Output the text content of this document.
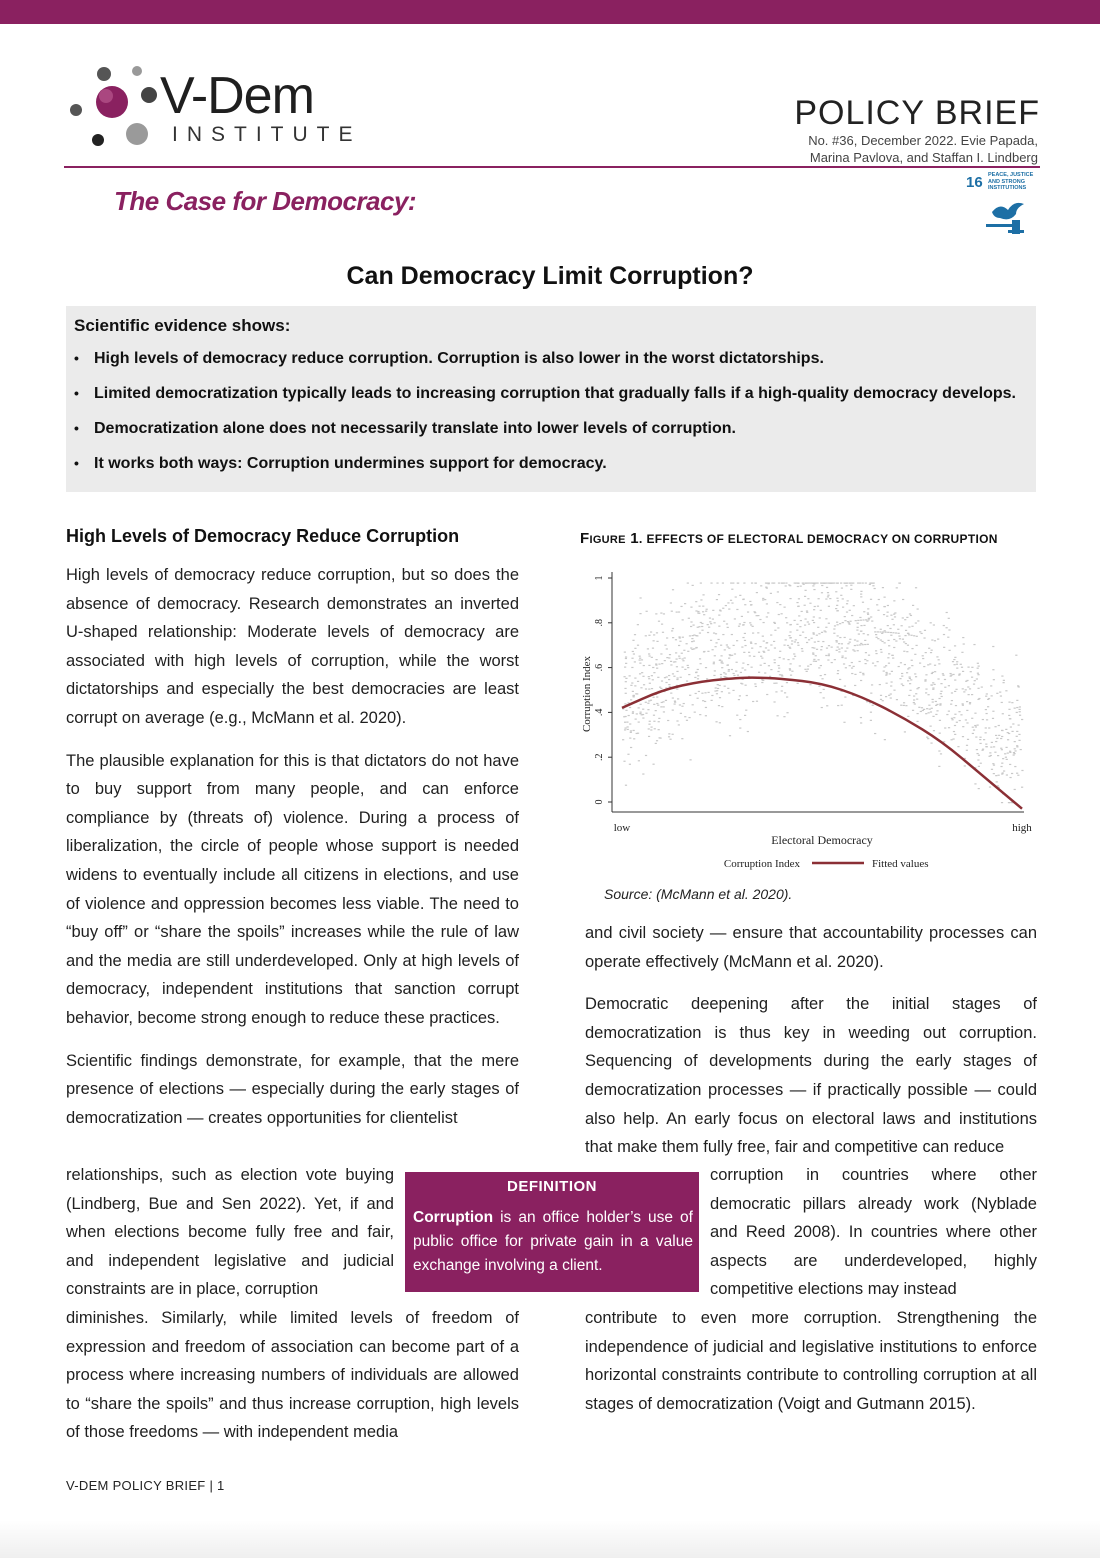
V-Dem
INSTITUTE
POLICY BRIEF
No. #36, December 2022. Evie Papada,
Marina Pavlova, and Staffan I. Lindberg
The Case for Democracy:
16 PEACE, JUSTICE
AND STRONG
INSTITUTIONS
Can Democracy Limit Corruption?
Scientific evidence shows:
• High levels of democracy reduce corruption. Corruption is also lower in the worst dictatorships.
• Limited democratization typically leads to increasing corruption that gradually falls if a high-quality democracy develops.
• Democratization alone does not necessarily translate into lower levels of corruption.
• It works both ways: Corruption undermines support for democracy.
High Levels of Democracy Reduce Corruption

High levels of democracy reduce corruption, but so does the absence of democracy. Research demonstrates an inverted U-shaped relationship: Moderate levels of democracy are associated with high levels of corruption, while the worst dictatorships and especially the best democracies are least corrupt on average (e.g., McMann et al. 2020).

The plausible explanation for this is that dictators do not have to buy support from many people, and can enforce compliance by (threats of) violence. During a process of liberalization, the circle of people whose support is needed widens to eventually include all citizens in elections, and use of violence and oppression becomes less viable. The need to “buy off” or “share the spoils” increases while the rule of law and the media are still underdeveloped. Only at high levels of democracy, independent institutions that sanction corrupt behavior, become strong enough to reduce these practices.

Scientific findings demonstrate, for example, that the mere presence of elections — especially during the early stages of democratization — creates opportunities for clientelist

relationships, such as election vote buying (Lindberg, Bue and Sen 2022). Yet, if and when elections become fully free and fair, and independent legislative and judicial constraints are in place, corruption

diminishes. Similarly, while limited levels of freedom of expression and freedom of association can become part of a process where increasing numbers of individuals are allowed to “share the spoils” and thus increase corruption, high levels of those freedoms — with independent media

Figure 1. EFFECTS OF ELECTORAL DEMOCRACY ON CORRUPTION
0
.2
.4
.6
.8
1
low	high
Electoral Democracy
Corruption Index
Corruption Index	Fitted values
Source: (McMann et al. 2020).

and civil society — ensure that accountability processes can operate effectively (McMann et al. 2020).

Democratic deepening after the initial stages of democratization is thus key in weeding out corruption. Sequencing of developments during the early stages of democratization processes — if practically possible — could also help. An early focus on electoral laws and institutions that make them fully free, fair and competitive can reduce

corruption in countries where other democratic pillars already work (Nyblade and Reed 2008). In countries where other aspects are underdeveloped, highly competitive elections may instead

contribute to even more corruption. Strengthening the independence of judicial and legislative institutions to enforce horizontal constraints contribute to controlling corruption at all stages of democratization (Voigt and Gutmann 2015).

DEFINITION
Corruption is an office holder’s use of public office for private gain in a value exchange involving a client.
V-DEM POLICY BRIEF | 1
